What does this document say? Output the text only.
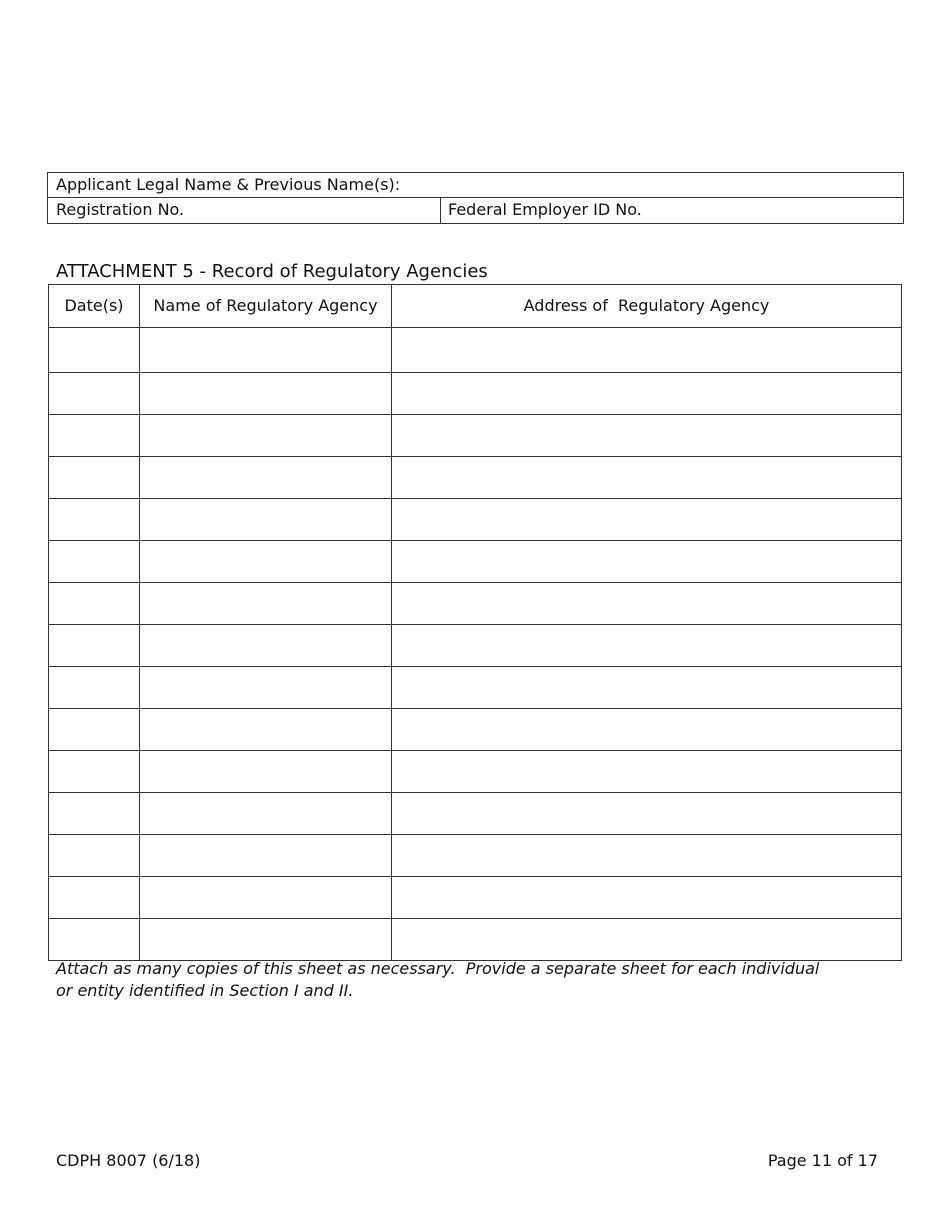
Applicant Legal Name & Previous Name(s):
Registration No.	Federal Employer ID No.
ATTACHMENT 5 - Record of Regulatory Agencies
Date(s)	Name of Regulatory Agency	Address of  Regulatory Agency

Attach as many copies of this sheet as necessary.  Provide a separate sheet for each individual
or entity identified in Section I and II.
CDPH 8007 (6/18)	Page 11 of 17
